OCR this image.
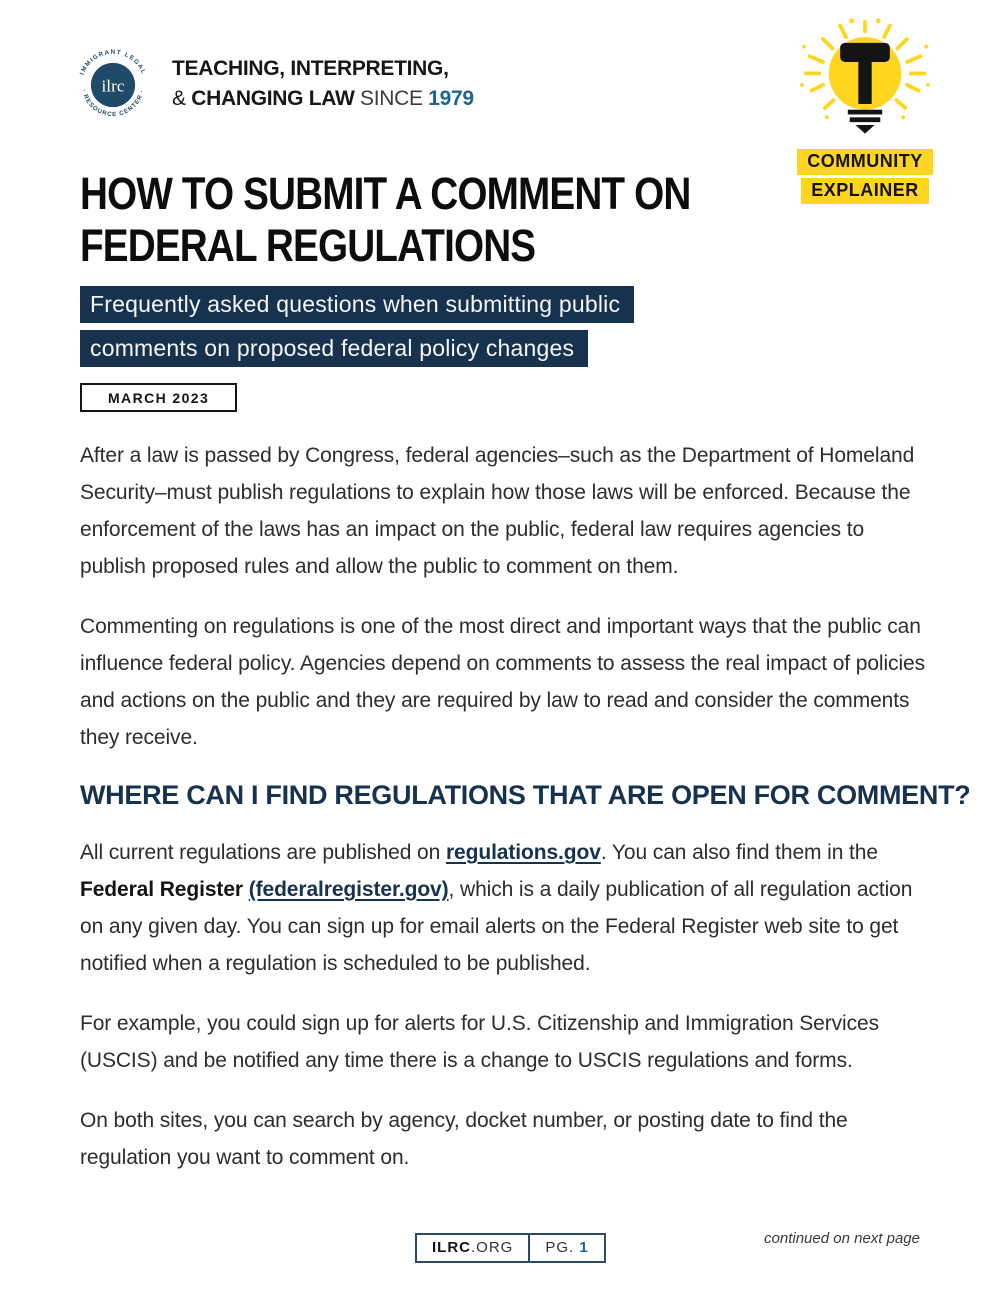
ilrc
IMMIGRANT LEGAL
· RESOURCE CENTER ·
TEACHING, INTERPRETING,
& CHANGING LAW SINCE 1979
COMMUNITY
EXPLAINER
HOW TO SUBMIT A COMMENT ON
FEDERAL REGULATIONS
Frequently asked questions when submitting public
comments on proposed federal policy changes
MARCH 2023

After a law is passed by Congress, federal agencies–such as the Department of Homeland Security–must publish regulations to explain how those laws will be enforced. Because the enforcement of the laws has an impact on the public, federal law requires agencies to publish proposed rules and allow the public to comment on them.

Commenting on regulations is one of the most direct and important ways that the public can influence federal policy. Agencies depend on comments to assess the real impact of policies and actions on the public and they are required by law to read and consider the comments they receive.

WHERE CAN I FIND REGULATIONS THAT ARE OPEN FOR COMMENT?

All current regulations are published on regulations.gov. You can also find them in the Federal Register (federalregister.gov), which is a daily publication of all regulation action on any given day. You can sign up for email alerts on the Federal Register web site to get notified when a regulation is scheduled to be published.

For example, you could sign up for alerts for U.S. Citizenship and Immigration Services (USCIS) and be notified any time there is a change to USCIS regulations and forms.

On both sites, you can search by agency, docket number, or posting date to find the regulation you want to comment on.

ILRC.ORG	PG. 1
continued on next page
